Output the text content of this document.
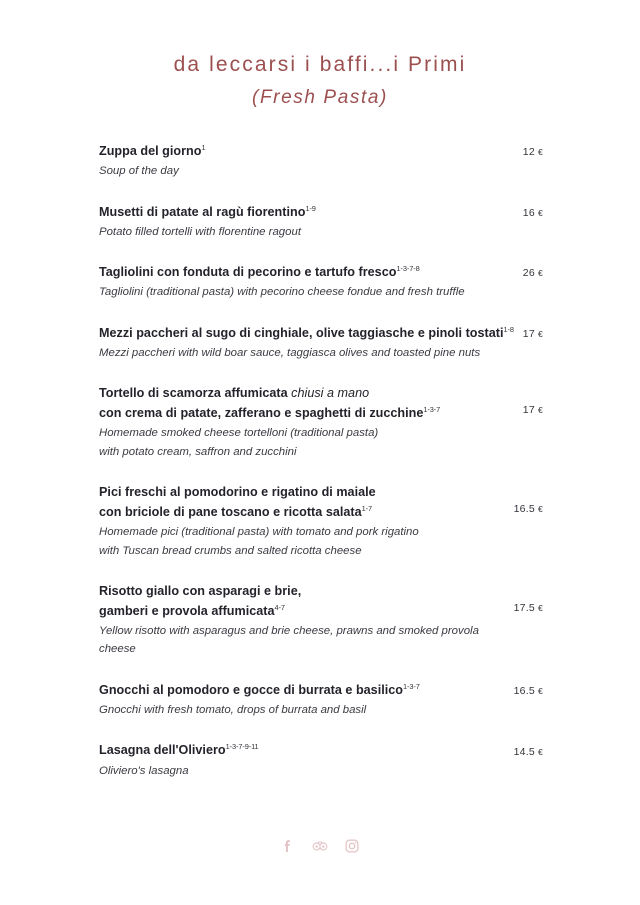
da leccarsi i baffi...i Primi
(Fresh Pasta)
Zuppa del giorno$^1$	12 €
Soup of the day
Musetti di patate al ragù fiorentino$^{1-9}$	16 €
Potato filled tortelli with florentine ragout
Tagliolini con fonduta di pecorino e tartufo fresco$^{1-3-7-8}$	26 €
Tagliolini (traditional pasta) with pecorino cheese fondue and fresh truffle
Mezzi paccheri al sugo di cinghiale, olive taggiasche e pinoli tostati$^{1-8}$ 17 €
Mezzi paccheri with wild boar sauce, taggiasca olives and toasted pine nuts
Tortello di scamorza affumicata chiusi a mano
con crema di patate, zafferano e spaghetti di zucchine$^{1-3-7}$	17 €
Homemade smoked cheese tortelloni (traditional pasta)
with potato cream, saffron and zucchini
Pici freschi al pomodorino e rigatino di maiale
con briciole di pane toscano e ricotta salata$^{1-7}$	16.5 €
Homemade pici (traditional pasta) with tomato and pork rigatino
with Tuscan bread crumbs and salted ricotta cheese
Risotto giallo con asparagi e brie,
gamberi e provola affumicata$^{4-7}$	17.5 €
Yellow risotto with asparagus and brie cheese, prawns and smoked provola
cheese
Gnocchi al pomodoro e gocce di burrata e basilico$^{1-3-7}$	16.5 €
Gnocchi with fresh tomato, drops of burrata and basil
Lasagna dell'Oliviero$^{1-3-7-9-11}$	14.5 €
Oliviero's lasagna
